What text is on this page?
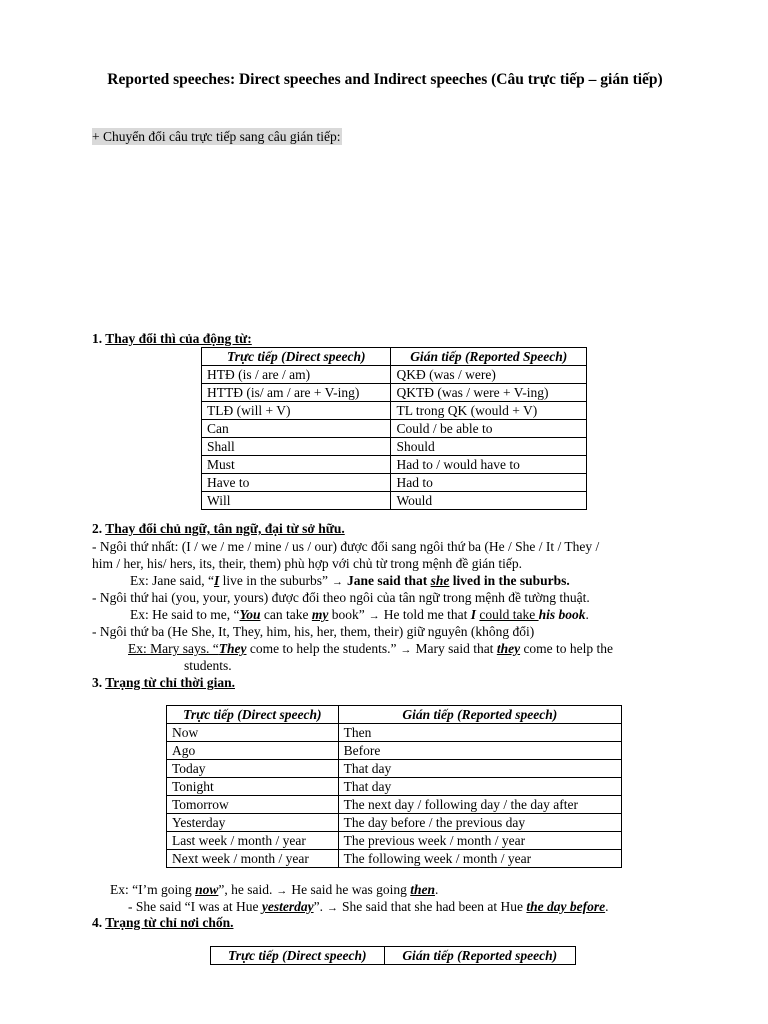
Reported speeches: Direct speeches and Indirect speeches (Câu trực tiếp – gián tiếp)
+ Chuyển đổi câu trực tiếp sang câu gián tiếp:
1. Thay đổi thì của động từ:
Trực tiếp (Direct speech)	Gián tiếp (Reported Speech)
HTĐ (is / are / am)	QKĐ (was / were)
HTTĐ (is/ am / are + V-ing)	QKTĐ (was / were + V-ing)
TLĐ (will + V)	TL trong QK (would + V)
Can	Could / be able to
Shall	Should
Must	Had to / would have to
Have to	Had to
Will	Would
2. Thay đổi chủ ngữ, tân ngữ, đại từ sở hữu.
- Ngôi thứ nhất: (I / we / me / mine / us / our) được đổi sang ngôi thứ ba (He / She / It / They /
him / her, his/ hers, its, their, them) phù hợp với chủ từ trong mệnh đề gián tiếp.
Ex: Jane said, “I live in the suburbs” → Jane said that she lived in the suburbs.
- Ngôi thứ hai (you, your, yours) được đổi theo ngôi của tân ngữ trong mệnh đề tường thuật.
Ex: He said to me, “You can take my book” → He told me that I could take his book.
- Ngôi thứ ba (He She, It, They, him, his, her, them, their) giữ nguyên (không đổi)
Ex: Mary says. “They come to help the students.” → Mary said that they come to help the
students.
3. Trạng từ chỉ thời gian.
Trực tiếp (Direct speech)	Gián tiếp (Reported speech)
Now	Then
Ago	Before
Today	That day
Tonight	That day
Tomorrow	The next day / following day / the day after
Yesterday	The day before / the previous day
Last week / month / year	The previous week / month / year
Next week / month / year	The following week / month / year
Ex: “I’m going now”, he said. → He said he was going then.
- She said “I was at Hue yesterday”. → She said that she had been at Hue the day before.
4. Trạng từ chỉ nơi chốn.
Trực tiếp (Direct speech)	Gián tiếp (Reported speech)
